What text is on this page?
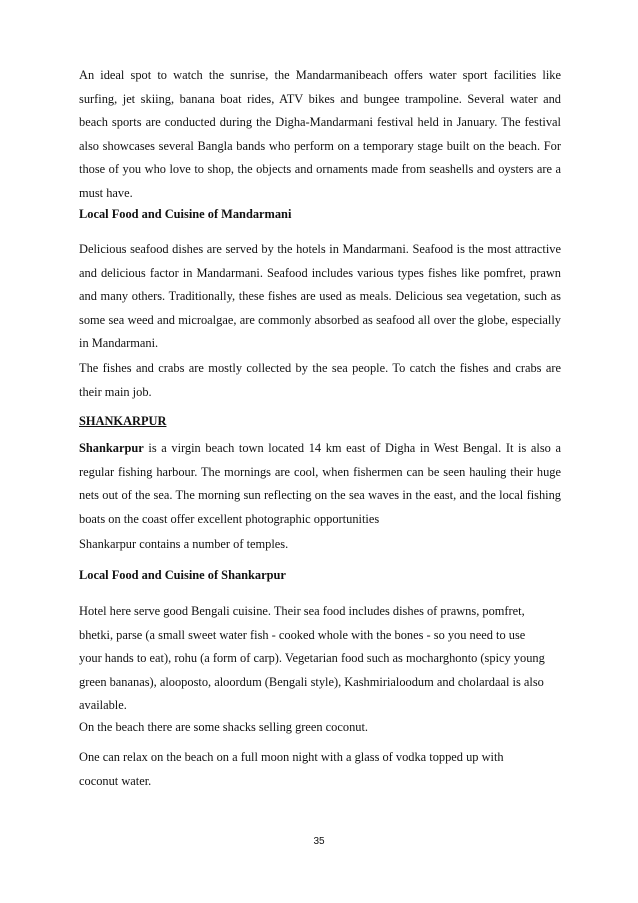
An ideal spot to watch the sunrise, the Mandarmanibeach offers water sport facilities like surfing, jet skiing, banana boat rides, ATV bikes and bungee trampoline. Several water and beach sports are conducted during the Digha-Mandarmani festival held in January. The festival also showcases several Bangla bands who perform on a temporary stage built on the beach. For those of you who love to shop, the objects and ornaments made from seashells and oysters are a must have.
Local Food and Cuisine of Mandarmani
Delicious seafood dishes are served by the hotels in Mandarmani. Seafood is the most attractive and delicious factor in Mandarmani. Seafood includes various types fishes like pomfret, prawn and many others. Traditionally, these fishes are used as meals. Delicious sea vegetation, such as some sea weed and microalgae, are commonly absorbed as seafood all over the globe, especially in Mandarmani.
The fishes and crabs are mostly collected by the sea people. To catch the fishes and crabs are their main job.
SHANKARPUR
Shankarpur is a virgin beach town located 14 km east of Digha in West Bengal. It is also a regular fishing harbour. The mornings are cool, when fishermen can be seen hauling their huge nets out of the sea. The morning sun reflecting on the sea waves in the east, and the local fishing boats on the coast offer excellent photographic opportunities
Shankarpur contains a number of temples.
Local Food and Cuisine of Shankarpur
Hotel here serve good Bengali cuisine. Their sea food includes dishes of prawns, pomfret, bhetki, parse (a small sweet water fish - cooked whole with the bones - so you need to use your hands to eat), rohu (a form of carp). Vegetarian food such as mocharghonto (spicy young green bananas), alooposto, aloordum (Bengali style), Kashmirialoodum and cholardaal is also available.
On the beach there are some shacks selling green coconut.
One can relax on the beach on a full moon night with a glass of vodka topped up with coconut water.
35
